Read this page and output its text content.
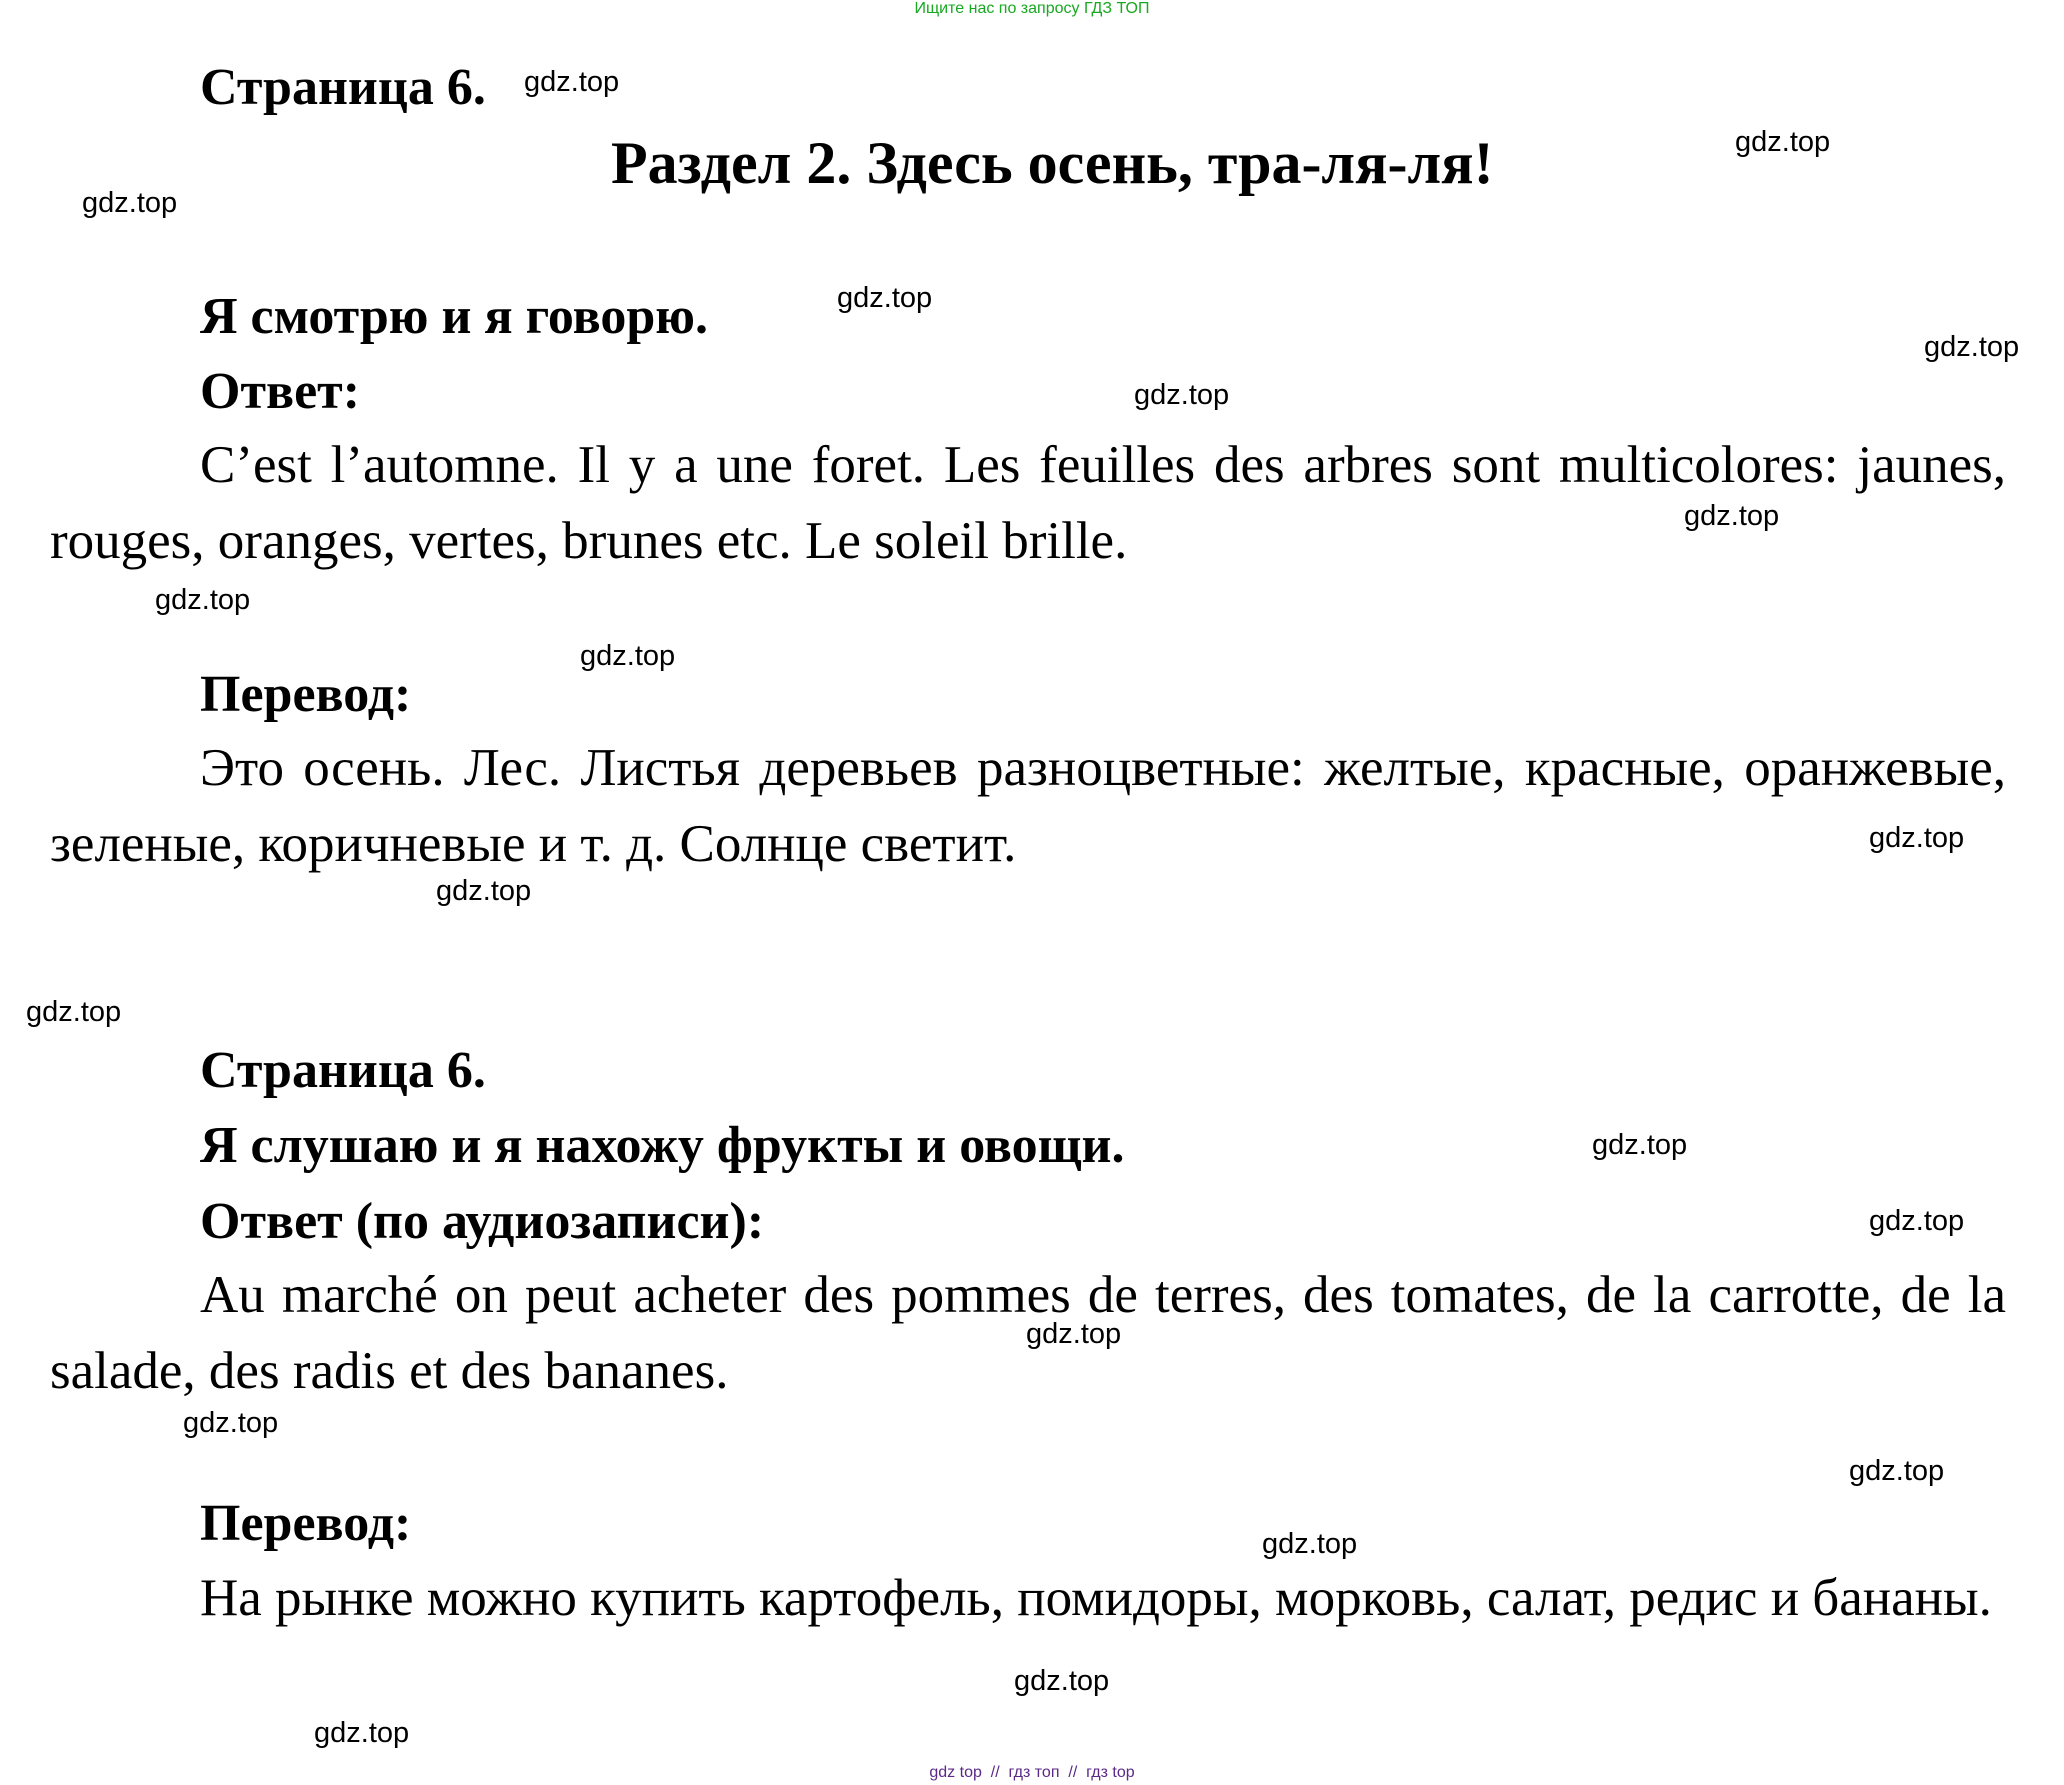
Ищите нас по запросу ГДЗ ТОП
Страница 6.
Раздел 2. Здесь осень, тра-ля-ля!
Я смотрю и я говорю.
Ответ:
C’est l’automne. Il y a une foret. Les feuilles des arbres sont multicolores: jaunes, rouges, oranges, vertes, brunes etc. Le soleil brille.
Перевод:
Это осень. Лес. Листья деревьев разноцветные: желтые, красные, оранжевые, зеленые, коричневые и т. д. Солнце светит.
Страница 6.
Я слушаю и я нахожу фрукты и овощи.
Ответ (по аудиозаписи):
Au marché on peut acheter des pommes de terres, des tomates, de la carrotte, de la salade, des radis et des bananes.
Перевод:
На рынке можно купить картофель, помидоры, морковь, салат, редис и бананы.
gdz.top
gdz.top
gdz.top
gdz.top
gdz.top
gdz.top
gdz.top
gdz.top
gdz.top
gdz.top
gdz.top
gdz.top
gdz.top
gdz.top
gdz.top
gdz.top
gdz.top
gdz.top
gdz.top
gdz.top
gdz top  //  гдз топ  //  гдз top
